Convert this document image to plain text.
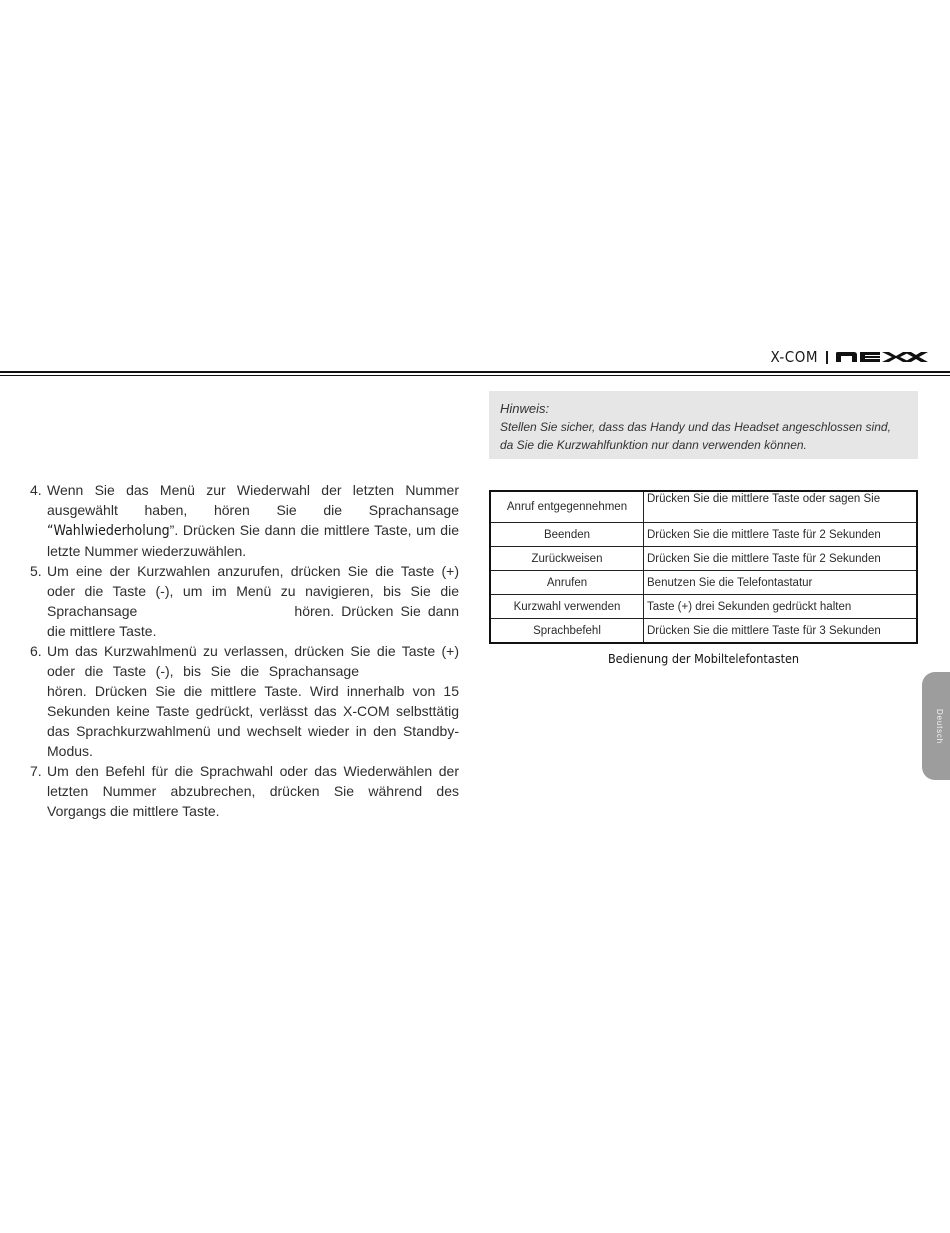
X-COM
4. Wenn Sie das Menü zur Wiederwahl der letzten Nummer ausgewählt haben, hören Sie die Sprachansage “Wahlwiederholung”. Drücken Sie dann die mittlere Taste, um die letzte Nummer wiederzuwählen.
5. Um eine der Kurzwahlen anzurufen, drücken Sie die Taste (+) oder die Taste (-), um im Menü zu navigieren, bis Sie die Sprachansage	hören. Drücken Sie dann die mittlere Taste.
6. Um das Kurzwahlmenü zu verlassen, drücken Sie die Taste (+) oder die Taste (-), bis Sie die Sprachansage hören. Drücken Sie die mittlere Taste. Wird innerhalb von 15 Sekunden keine Taste gedrückt, verlässt das X-COM selbsttätig das Sprachkurzwahlmenü und wechselt wieder in den Standby-Modus.
7. Um den Befehl für die Sprachwahl oder das Wiederwählen der letzten Nummer abzubrechen, drücken Sie während des Vorgangs die mittlere Taste.
Hinweis:
Stellen Sie sicher, dass das Handy und das Headset angeschlossen sind,
da Sie die Kurzwahlfunktion nur dann verwenden können.
Anruf entgegennehmen	Drücken Sie die mittlere Taste oder sagen Sie
Beenden	Drücken Sie die mittlere Taste für 2 Sekunden
Zurückweisen	Drücken Sie die mittlere Taste für 2 Sekunden
Anrufen	Benutzen Sie die Telefontastatur
Kurzwahl verwenden	Taste (+) drei Sekunden gedrückt halten
Sprachbefehl	Drücken Sie die mittlere Taste für 3 Sekunden
Bedienung der Mobiltelefontasten
Deutsch
